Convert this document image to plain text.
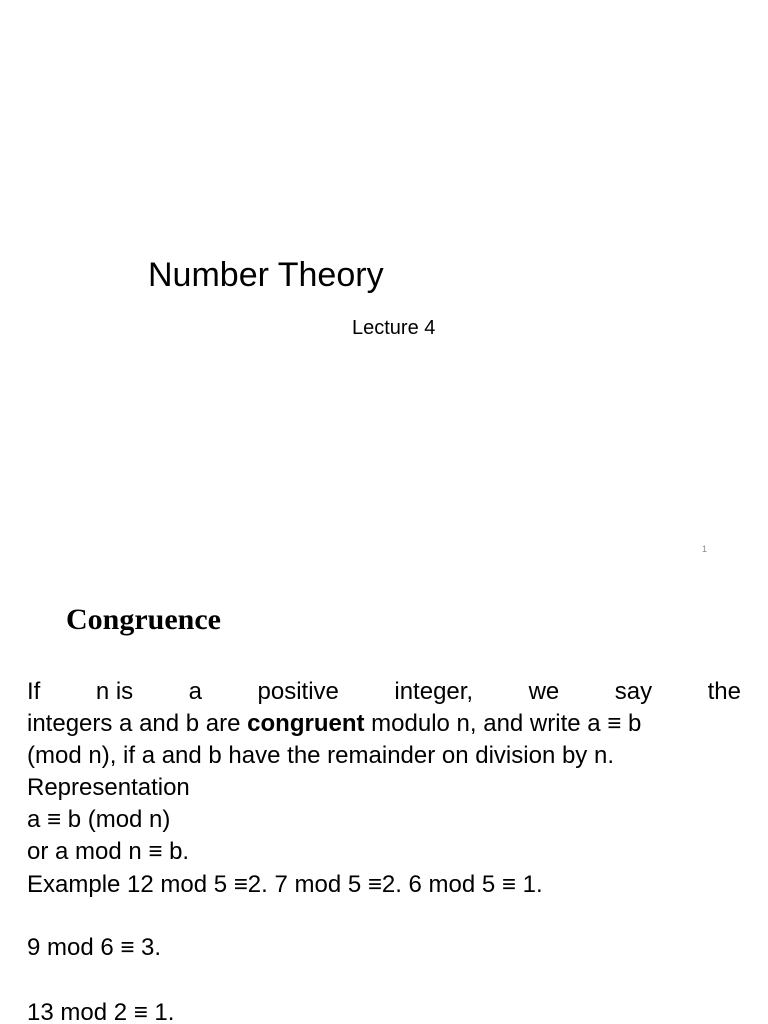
Number Theory
Lecture 4
1
Congruence
If n is a positive integer, we say the
integers a and b are congruent modulo n, and write a ≡ b
(mod n), if a and b have the remainder on division by n.
Representation
a ≡ b (mod n)
or a mod n ≡ b.
Example 12 mod 5 ≡2. 7 mod 5 ≡2. 6 mod 5 ≡ 1.
9 mod 6 ≡ 3.
13 mod 2 ≡ 1.
